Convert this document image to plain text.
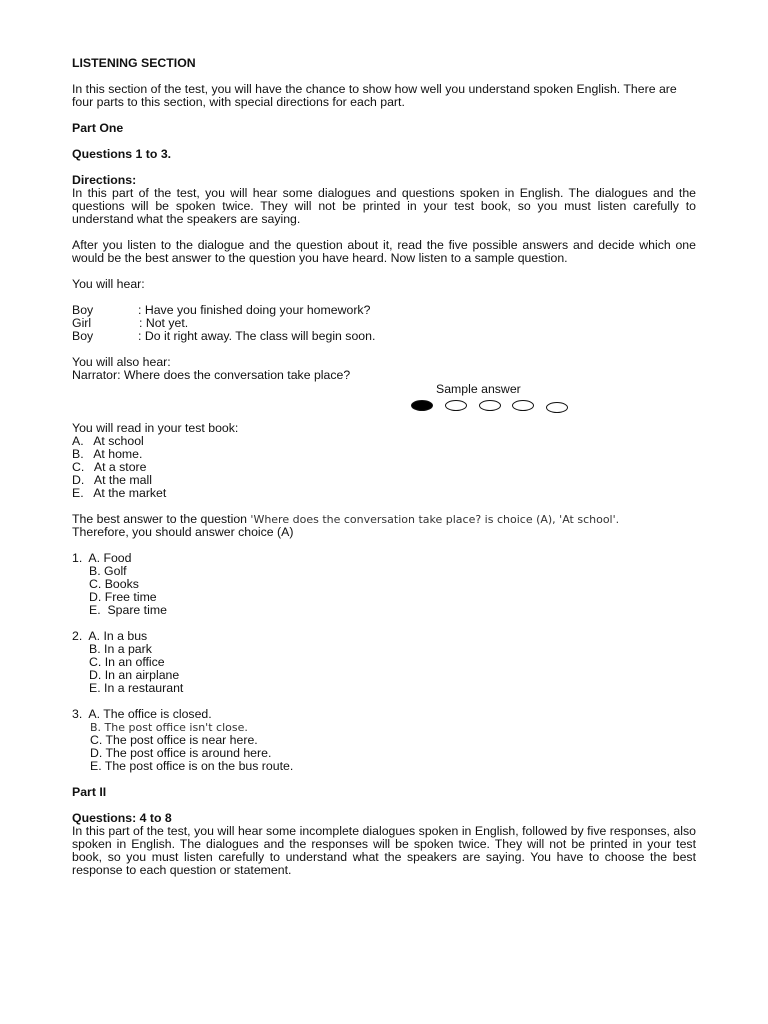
LISTENING SECTION

In this section of the test, you will have the chance to show how well you understand spoken English. There are four parts to this section, with special directions for each part.

Part One

Questions 1 to 3.

Directions:

In this part of the test, you will hear some dialogues and questions spoken in English. The dialogues and the questions will be spoken twice. They will not be printed in your test book, so you must listen carefully to understand what the speakers are saying.

After you listen to the dialogue and the question about it, read the five possible answers and decide which one would be the best answer to the question you have heard. Now listen to a sample question.

You will hear:

Boy	: Have you finished doing your homework?
Girl	: Not yet.
Boy	: Do it right away. The class will begin soon.

You will also hear:

Narrator: Where does the conversation take place?

Sample answer

You will read in your test book:

A.   At school

B.   At home.

C.   At a store

D.   At the mall

E.   At the market

The best answer to the question 'Where does the conversation take place? is choice (A), 'At school'.

Therefore, you should answer choice (A)

1.  A. Food

B. Golf

C. Books

D. Free time

E.  Spare time

2.  A. In a bus

B. In a park

C. In an office

D. In an airplane

E. In a restaurant

3.  A. The office is closed.

B. The post office isn't close.

C. The post office is near here.

D. The post office is around here.

E. The post office is on the bus route.

Part II

Questions: 4 to 8

In this part of the test, you will hear some incomplete dialogues spoken in English, followed by five responses, also spoken in English. The dialogues and the responses will be spoken twice. They will not be printed in your test book, so you must listen carefully to understand what the speakers are saying. You have to choose the best response to each question or statement.
